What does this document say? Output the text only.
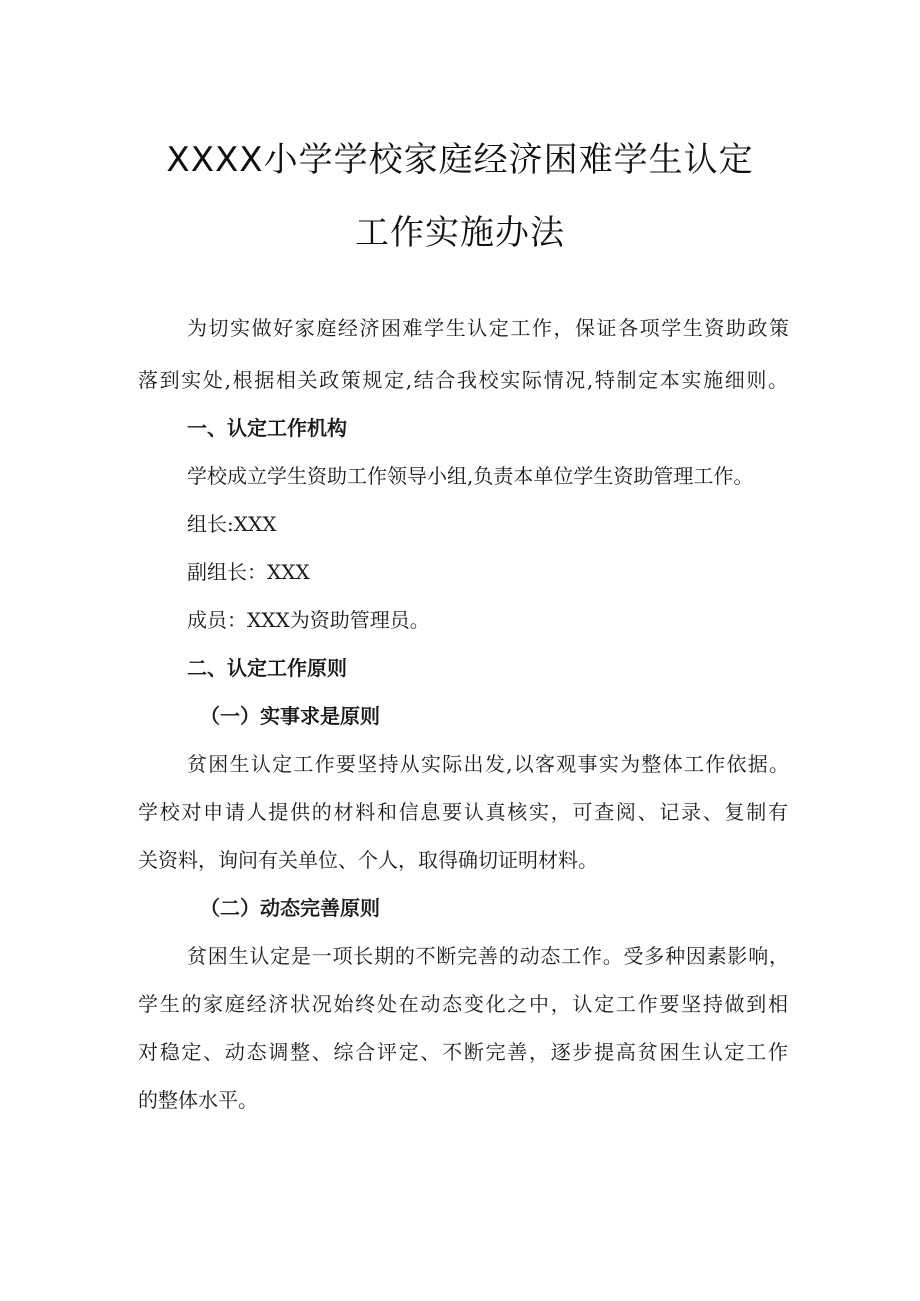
XXXX小学学校家庭经济困难学生认定
工作实施办法
为切实做好家庭经济困难学生认定工作，保证各项学生资助政策
落到实处,根据相关政策规定,结合我校实际情况,特制定本实施细则。
一、认定工作机构
学校成立学生资助工作领导小组,负责本单位学生资助管理工作。
组长:XXX
副组长：XXX
成员：XXX为资助管理员。
二、认定工作原则
（一）实事求是原则
贫困生认定工作要坚持从实际出发,以客观事实为整体工作依据。
学校对申请人提供的材料和信息要认真核实，可查阅、记录、复制有
关资料，询问有关单位、个人，取得确切证明材料。
（二）动态完善原则
贫困生认定是一项长期的不断完善的动态工作。受多种因素影响，
学生的家庭经济状况始终处在动态变化之中，认定工作要坚持做到相
对稳定、动态调整、综合评定、不断完善，逐步提高贫困生认定工作
的整体水平。
